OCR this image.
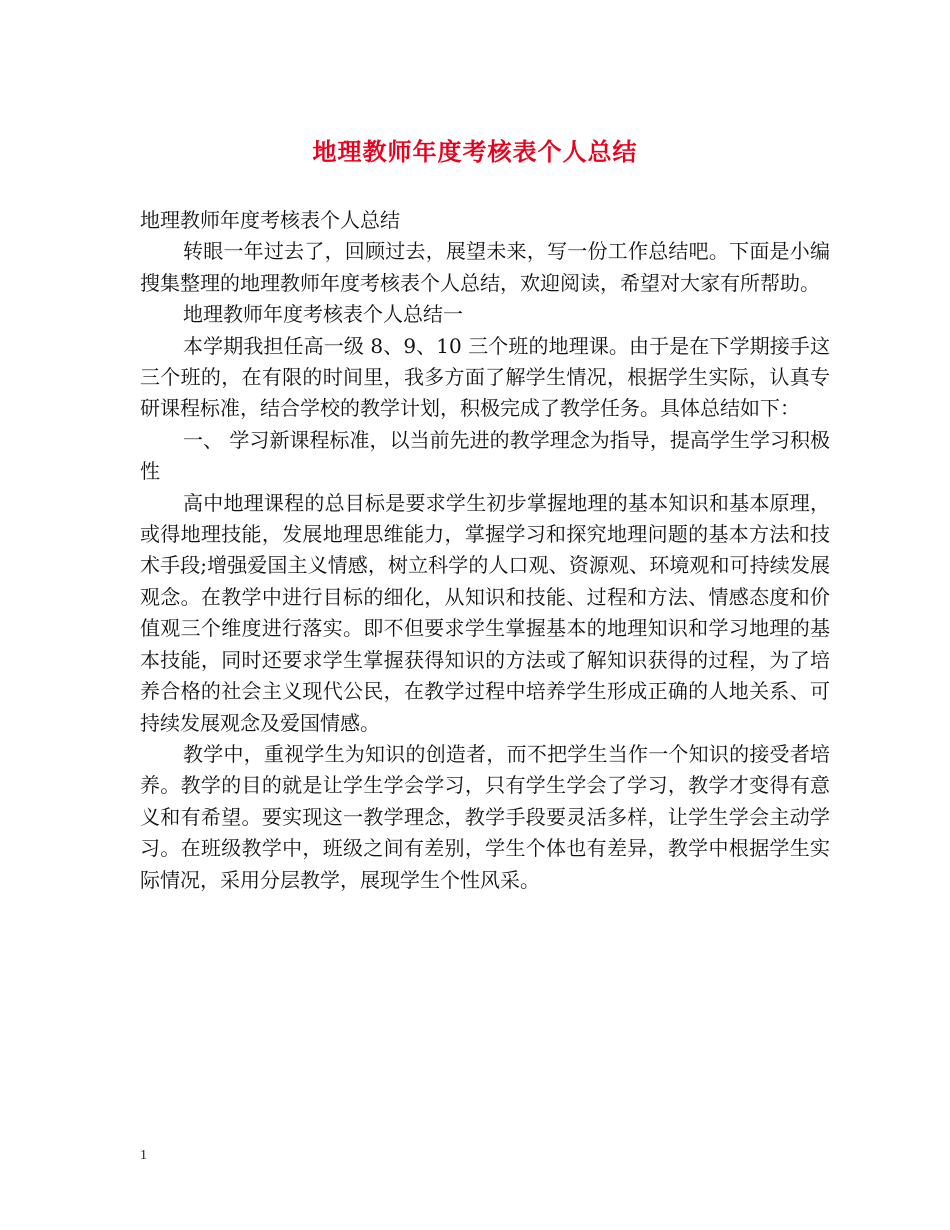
地理教师年度考核表个人总结

地理教师年度考核表个人总结

转眼一年过去了，回顾过去，展望未来，写一份工作总结吧。下面是小编搜集整理的地理教师年度考核表个人总结，欢迎阅读，希望对大家有所帮助。

地理教师年度考核表个人总结一

本学期我担任高一级 8、9、10 三个班的地理课。由于是在下学期接手这三个班的，在有限的时间里，我多方面了解学生情况，根据学生实际，认真专研课程标准，结合学校的教学计划，积极完成了教学任务。具体总结如下：

一、 学习新课程标准，以当前先进的教学理念为指导，提高学生学习积极性

高中地理课程的总目标是要求学生初步掌握地理的基本知识和基本原理，或得地理技能，发展地理思维能力，掌握学习和探究地理问题的基本方法和技术手段;增强爱国主义情感，树立科学的人口观、资源观、环境观和可持续发展观念。在教学中进行目标的细化，从知识和技能、过程和方法、情感态度和价值观三个维度进行落实。即不但要求学生掌握基本的地理知识和学习地理的基本技能，同时还要求学生掌握获得知识的方法或了解知识获得的过程，为了培养合格的社会主义现代公民，在教学过程中培养学生形成正确的人地关系、可持续发展观念及爱国情感。

教学中，重视学生为知识的创造者，而不把学生当作一个知识的接受者培养。教学的目的就是让学生学会学习，只有学生学会了学习，教学才变得有意义和有希望。要实现这一教学理念，教学手段要灵活多样，让学生学会主动学习。在班级教学中，班级之间有差别，学生个体也有差异，教学中根据学生实际情况，采用分层教学，展现学生个性风采。

1
